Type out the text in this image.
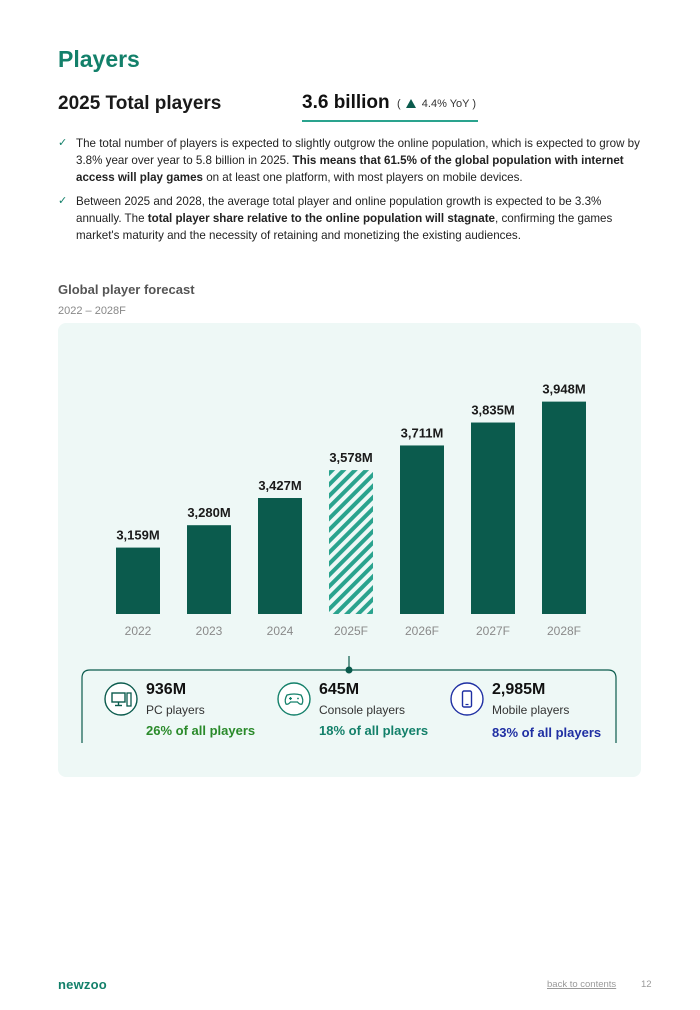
Players
2025 Total players	3.6 billion ( 4.4% YoY )
✓ The total number of players is expected to slightly outgrow the online population, which is expected to grow by 3.8% year over year to 5.8 billion in 2025. This means that 61.5% of the global population with internet access will play games on at least one platform, with most players on mobile devices.
✓ Between 2025 and 2028, the average total player and online population growth is expected to be 3.3% annually. The total player share relative to the online population will stagnate, confirming the games market's maturity and the necessity of retaining and monetizing the existing audiences.
Global player forecast
2022 – 2028F
3,159M
2022
3,280M
2023
3,427M
2024
3,578M
2025F
3,711M
2026F
3,835M
2027F
3,948M
2028F
936M
PC players
26% of all players
645M
Console players
18% of all players
2,985M
Mobile players
83% of all players
newzoo	back to contents	12
